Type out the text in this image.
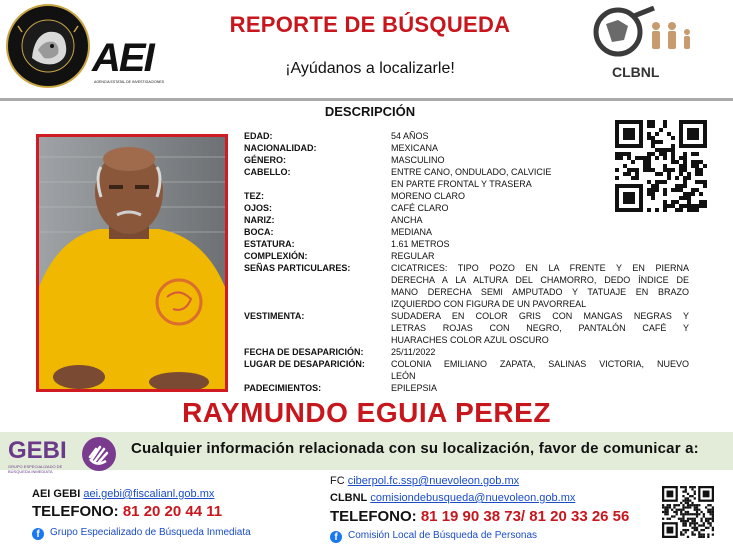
AEI
AGENCIA ESTATAL DE INVESTIGACIONES
REPORTE DE BÚSQUEDA
¡Ayúdanos a localizarle!	CLBNL
DESCRIPCIÓN
EDAD:	54 AÑOS
NACIONALIDAD:	MEXICANA
GÉNERO:	MASCULINO
CABELLO:	ENTRE CANO, ONDULADO, CALVICIE
EN PARTE FRONTAL Y TRASERA
TEZ:	MORENO CLARO
OJOS:	CAFÉ CLARO
NARIZ:	ANCHA
BOCA:	MEDIANA
ESTATURA:	1.61 METROS
COMPLEXIÓN:	REGULAR
SEÑAS PARTICULARES:	CICATRICES: TIPO POZO EN LA FRENTE Y EN PIERNA
DERECHA A LA ALTURA DEL CHAMORRO, DEDO ÍNDICE DE
MANO DERECHA SEMI AMPUTADO Y TATUAJE EN BRAZO
IZQUIERDO CON FIGURA DE UN PAVORREAL
VESTIMENTA:	SUDADERA EN COLOR GRIS CON MANGAS NEGRAS Y
LETRAS ROJAS CON NEGRO, PANTALÓN CAFÉ Y
HUARACHES COLOR AZUL OSCURO
FECHA DE DESAPARICIÓN:	25/11/2022
LUGAR DE DESAPARICIÓN:	COLONIA EMILIANO ZAPATA, SALINAS VICTORIA, NUEVO
LEÓN
PADECIMIENTOS:	EPILEPSIA
RAYMUNDO EGUIA PEREZ
GEBI
GRUPO ESPECIALIZADO DE BÚSQUEDA INMEDIATA
Cualquier información relacionada con su localización, favor de comunicar a:
AEI GEBI aei.gebi@fiscalianl.gob.mx
TELEFONO: 81 20 20 44 11
f Grupo Especializado de Búsqueda Inmediata
FC ciberpol.fc.ssp@nuevoleon.gob.mx
CLBNL comisiondebusqueda@nuevoleon.gob.mx
TELEFONO: 81 19 90 38 73/ 81 20 33 26 56
f Comisión Local de Búsqueda de Personas
